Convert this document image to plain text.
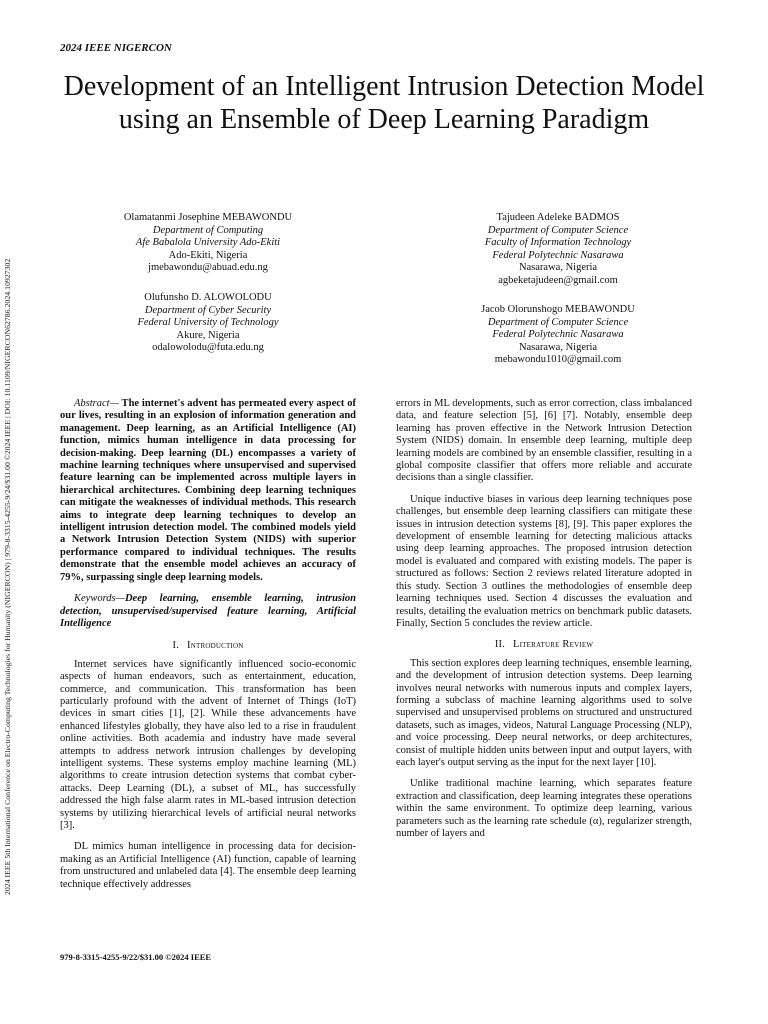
2024 IEEE NIGERCON
2024 IEEE 5th International Conference on Electro-Computing Technologies for Humanity (NIGERCON) | 979-8-3315-4255-9/24/$31.00 ©2024 IEEE | DOI: 10.1109/NIGERCON62786.2024.10927302
Development of an Intelligent Intrusion Detection Model using an Ensemble of Deep Learning Paradigm
Olamatanmi Josephine MEBAWONDU
Department of Computing
Afe Babalola University Ado-Ekiti
Ado-Ekiti, Nigeria
jmebawondu@abuad.edu.ng
Tajudeen Adeleke BADMOS
Department of Computer Science
Faculty of Information Technology
Federal Polytechnic Nasarawa
Nasarawa, Nigeria
agbeketajudeen@gmail.com
Olufunsho D. ALOWOLODU
Department of Cyber Security
Federal University of Technology
Akure, Nigeria
odalowolodu@futa.edu.ng
Jacob Olorunshogo MEBAWONDU
Department of Computer Science
Federal Polytechnic Nasarawa
Nasarawa, Nigeria
mebawondu1010@gmail.com
Abstract— The internet's advent has permeated every aspect of our lives, resulting in an explosion of information generation and management. Deep learning, as an Artificial Intelligence (AI) function, mimics human intelligence in data processing for decision-making. Deep learning (DL) encompasses a variety of machine learning techniques where unsupervised and supervised feature learning can be implemented across multiple layers in hierarchical architectures. Combining deep learning techniques can mitigate the weaknesses of individual methods. This research aims to integrate deep learning techniques to develop an intelligent intrusion detection model. The combined models yield a Network Intrusion Detection System (NIDS) with superior performance compared to individual techniques. The results demonstrate that the ensemble model achieves an accuracy of 79%, surpassing single deep learning models.
Keywords—Deep learning, ensemble learning, intrusion detection, unsupervised/supervised feature learning, Artificial Intelligence
I. Introduction

Internet services have significantly influenced socio-economic aspects of human endeavors, such as entertainment, education, commerce, and communication. This transformation has been particularly profound with the advent of Internet of Things (IoT) devices in smart cities [1], [2]. While these advancements have enhanced lifestyles globally, they have also led to a rise in fraudulent online activities. Both academia and industry have made several attempts to address network intrusion challenges by developing intelligent systems. These systems employ machine learning (ML) algorithms to create intrusion detection systems that combat cyber-attacks. Deep Learning (DL), a subset of ML, has successfully addressed the high false alarm rates in ML-based intrusion detection systems by utilizing hierarchical levels of artificial neural networks [3].

DL mimics human intelligence in processing data for decision-making as an Artificial Intelligence (AI) function, capable of learning from unstructured and unlabeled data [4]. The ensemble deep learning technique effectively addresses

errors in ML developments, such as error correction, class imbalanced data, and feature selection [5], [6] [7]. Notably, ensemble deep learning has proven effective in the Network Intrusion Detection System (NIDS) domain. In ensemble deep learning, multiple deep learning models are combined by an ensemble classifier, resulting in a global composite classifier that offers more reliable and accurate decisions than a single classifier.

Unique inductive biases in various deep learning techniques pose challenges, but ensemble deep learning classifiers can mitigate these issues in intrusion detection systems [8], [9]. This paper explores the development of ensemble learning for detecting malicious attacks using deep learning approaches. The proposed intrusion detection model is evaluated and compared with existing models. The paper is structured as follows: Section 2 reviews related literature adopted in this study. Section 3 outlines the methodologies of ensemble deep learning techniques used. Section 4 discusses the evaluation and results, detailing the evaluation metrics on benchmark public datasets. Finally, Section 5 concludes the review article.

II. Literature Review

This section explores deep learning techniques, ensemble learning, and the development of intrusion detection systems. Deep learning involves neural networks with numerous inputs and complex layers, forming a subclass of machine learning algorithms used to solve supervised and unsupervised problems on structured and unstructured datasets, such as images, videos, Natural Language Processing (NLP), and voice processing. Deep neural networks, or deep architectures, consist of multiple hidden units between input and output layers, with each layer's output serving as the input for the next layer [10].

Unlike traditional machine learning, which separates feature extraction and classification, deep learning integrates these operations within the same environment. To optimize deep learning, various parameters such as the learning rate schedule (α), regularizer strength, number of layers and

979-8-3315-4255-9/22/$31.00 ©2024 IEEE
